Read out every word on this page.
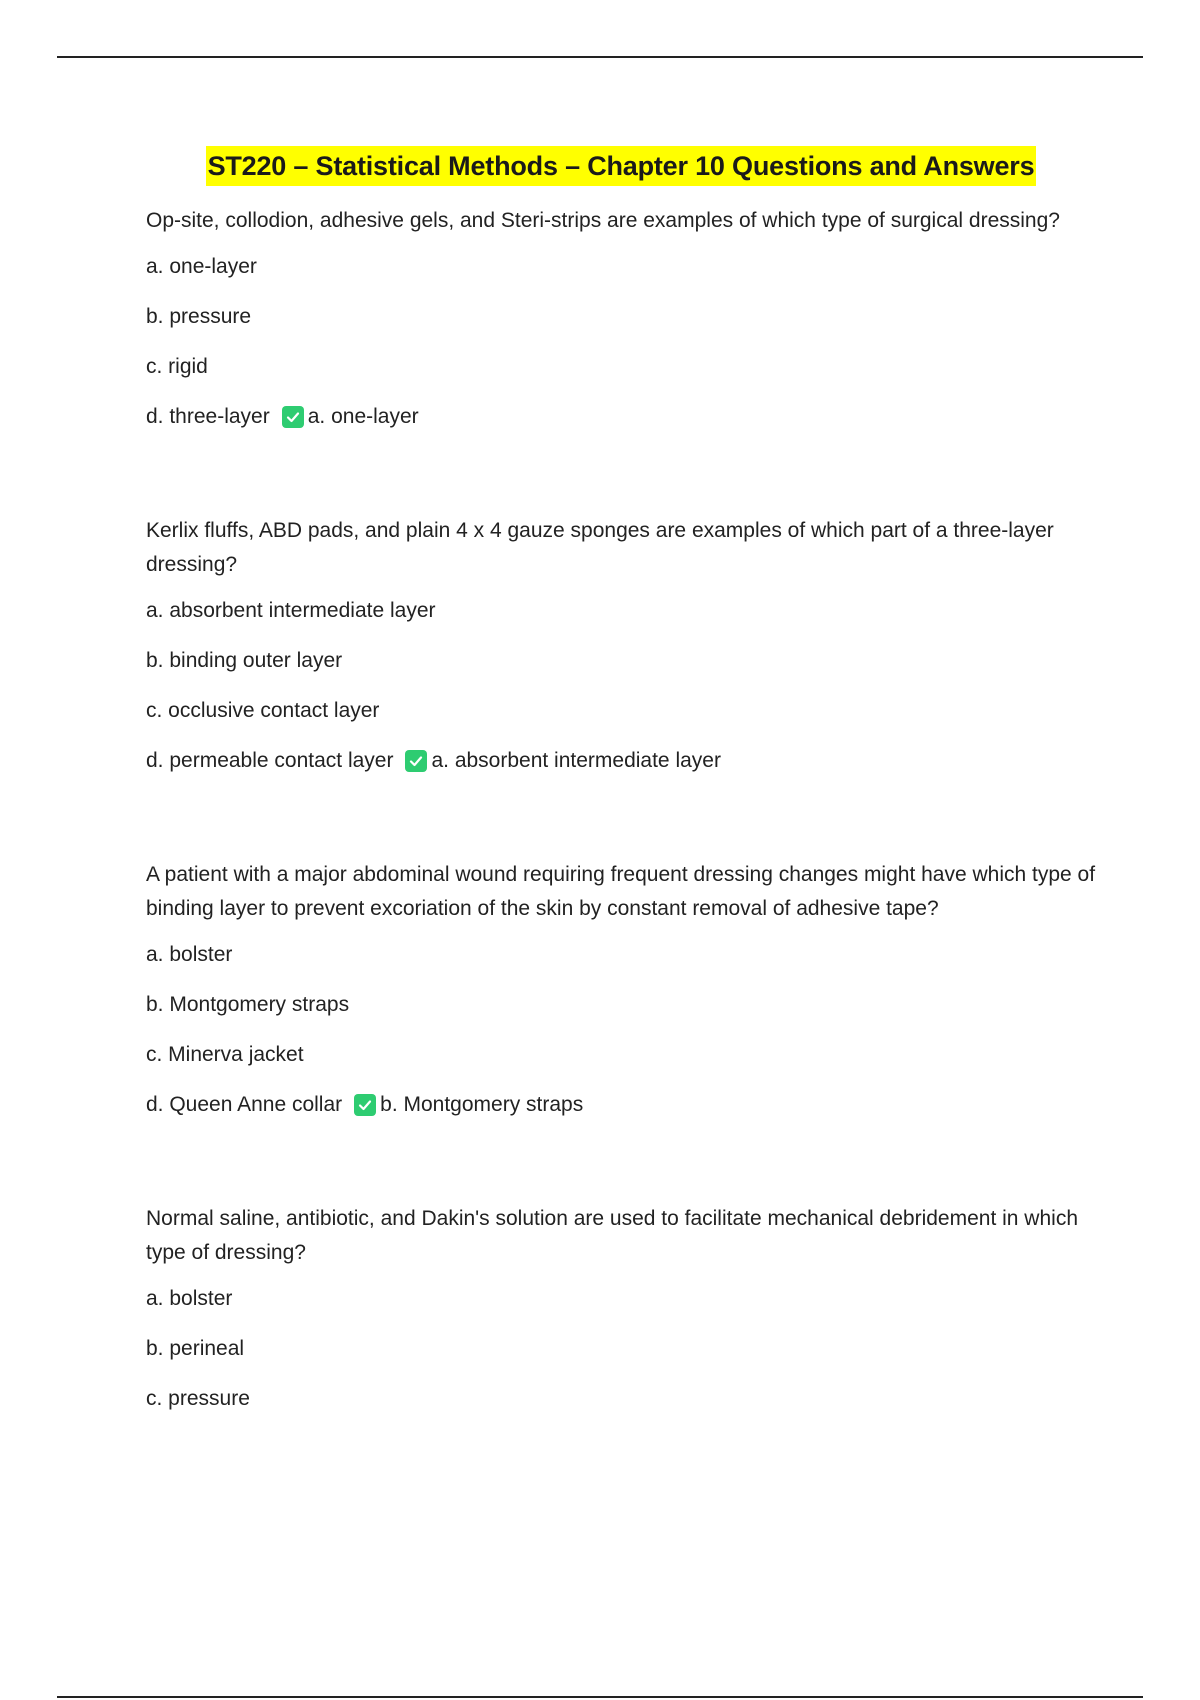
ST220 – Statistical Methods – Chapter 10 Questions and Answers

Op-site, collodion, adhesive gels, and Steri-strips are examples of which type of surgical dressing?

a. one-layer
b. pressure
c. rigid
d. three-layer a. one-layer

Kerlix fluffs, ABD pads, and plain 4 x 4 gauze sponges are examples of which part of a three-layer dressing?

a. absorbent intermediate layer
b. binding outer layer
c. occlusive contact layer
d. permeable contact layer a. absorbent intermediate layer

A patient with a major abdominal wound requiring frequent dressing changes might have which type of binding layer to prevent excoriation of the skin by constant removal of adhesive tape?

a. bolster
b. Montgomery straps
c. Minerva jacket
d. Queen Anne collar b. Montgomery straps

Normal saline, antibiotic, and Dakin's solution are used to facilitate mechanical debridement in which type of dressing?

a. bolster
b. perineal
c. pressure
